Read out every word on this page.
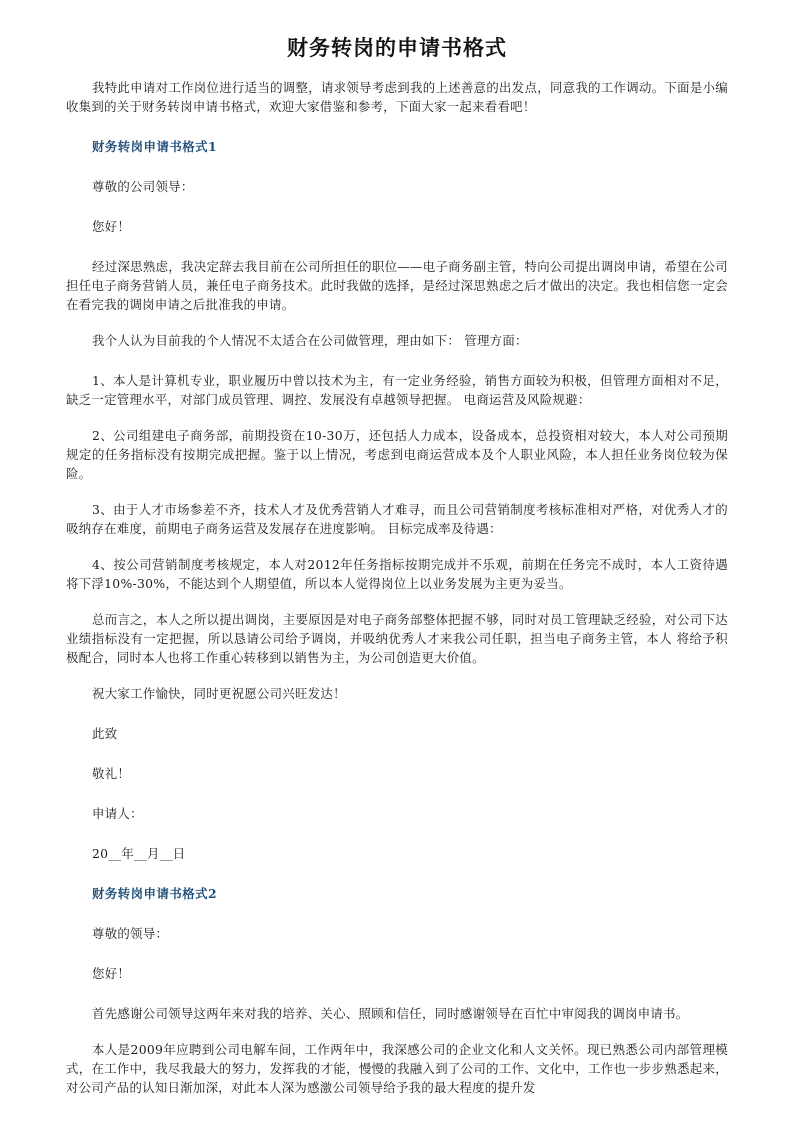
财务转岗的申请书格式

我特此申请对工作岗位进行适当的调整，请求领导考虑到我的上述善意的出发点，同意我的工作调动。下面是小编收集到的关于财务转岗申请书格式，欢迎大家借鉴和参考，下面大家一起来看看吧！

财务转岗申请书格式1

尊敬的公司领导：

您好！

经过深思熟虑，我决定辞去我目前在公司所担任的职位——电子商务副主管，特向公司提出调岗申请，希望在公司担任电子商务营销人员，兼任电子商务技术。此时我做的选择，是经过深思熟虑之后才做出的决定。我也相信您一定会在看完我的调岗申请之后批准我的申请。

我个人认为目前我的个人情况不太适合在公司做管理，理由如下： 管理方面：

1、本人是计算机专业，职业履历中曾以技术为主，有一定业务经验，销售方面较为积极，但管理方面相对不足，缺乏一定管理水平，对部门成员管理、调控、发展没有卓越领导把握。 电商运营及风险规避：

2、公司组建电子商务部，前期投资在10-30万，还包括人力成本，设备成本，总投资相对较大，本人对公司预期规定的任务指标没有按期完成把握。鉴于以上情况，考虑到电商运营成本及个人职业风险，本人担任业务岗位较为保险。

3、由于人才市场参差不齐，技术人才及优秀营销人才难寻，而且公司营销制度考核标准相对严格，对优秀人才的吸纳存在难度，前期电子商务运营及发展存在进度影响。 目标完成率及待遇：

4、按公司营销制度考核规定，本人对2012年任务指标按期完成并不乐观，前期在任务完不成时，本人工资待遇将下浮10%-30%，不能达到个人期望值，所以本人觉得岗位上以业务发展为主更为妥当。

总而言之，本人之所以提出调岗，主要原因是对电子商务部整体把握不够，同时对员工管理缺乏经验，对公司下达业绩指标没有一定把握，所以恳请公司给予调岗，并吸纳优秀人才来我公司任职，担当电子商务主管，本人 将给予积极配合，同时本人也将工作重心转移到以销售为主，为公司创造更大价值。

祝大家工作愉快，同时更祝愿公司兴旺发达！

此致

敬礼！

申请人：

20__年__月__日

财务转岗申请书格式2

尊敬的领导：

您好！

首先感谢公司领导这两年来对我的培养、关心、照顾和信任，同时感谢领导在百忙中审阅我的调岗申请书。

本人是2009年应聘到公司电解车间，工作两年中，我深感公司的企业文化和人文关怀。现已熟悉公司内部管理模式，在工作中，我尽我最大的努力，发挥我的才能，慢慢的我融入到了公司的工作、文化中，工作也一步步熟悉起来，对公司产品的认知日渐加深，对此本人深为感激公司领导给予我的最大程度的提升发
